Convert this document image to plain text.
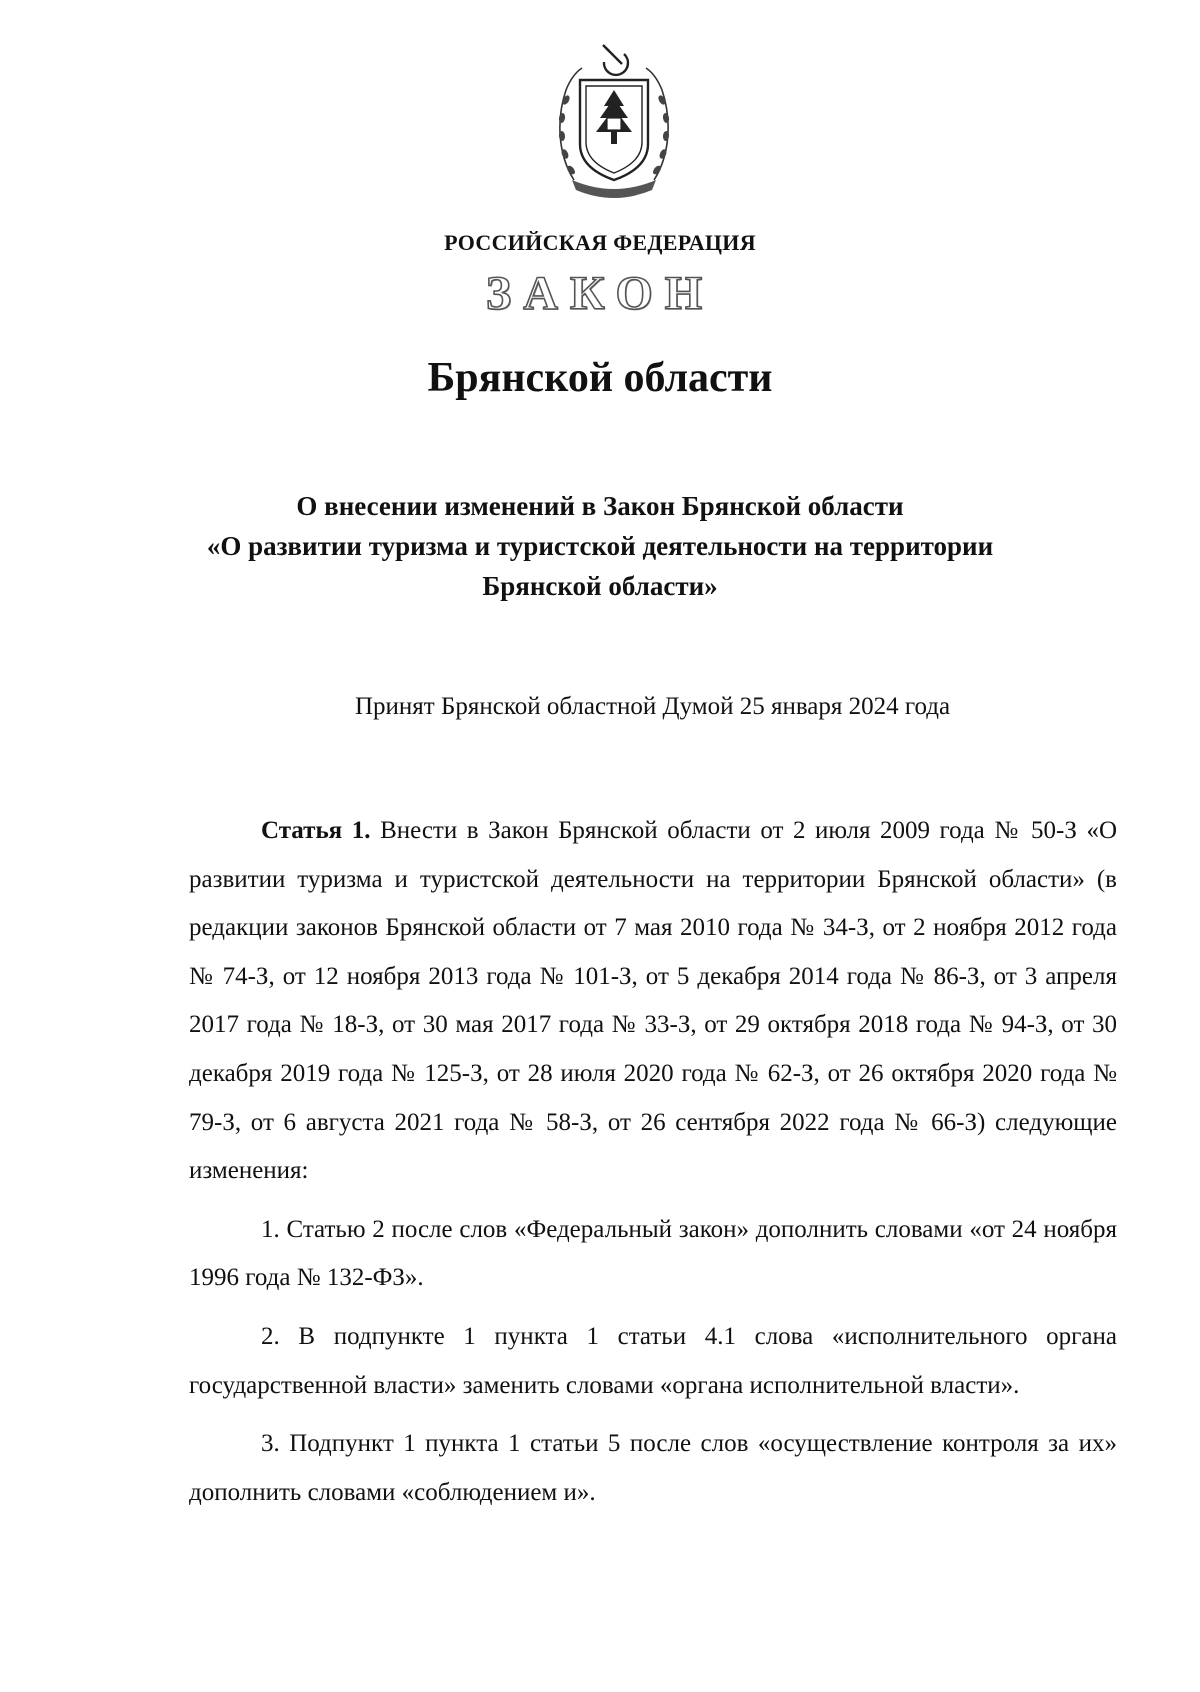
РОССИЙСКАЯ ФЕДЕРАЦИЯ
ЗАКОН
Брянской области
О внесении изменений в Закон Брянской области
«О развитии туризма и туристской деятельности на территории
Брянской области»
Принят Брянской областной Думой 25 января 2024 года

Статья 1. Внести в Закон Брянской области от 2 июля 2009 года № 50-З «О развитии туризма и туристской деятельности на территории Брянской области» (в редакции законов Брянской области от 7 мая 2010 года № 34-З, от 2 ноября 2012 года № 74-З, от 12 ноября 2013 года № 101-З, от 5 декабря 2014 года № 86-З, от 3 апреля 2017 года № 18-З, от 30 мая 2017 года № 33-З, от 29 октября 2018 года № 94-З, от 30 декабря 2019 года № 125-З, от 28 июля 2020 года № 62-З, от 26 октября 2020 года № 79-З, от 6 августа 2021 года № 58-З, от 26 сентября 2022 года № 66-З) следующие изменения:

1. Статью 2 после слов «Федеральный закон» дополнить словами «от 24 ноября 1996 года № 132-ФЗ».

2. В подпункте 1 пункта 1 статьи 4.1 слова «исполнительного органа государственной власти» заменить словами «органа исполнительной власти».

3. Подпункт 1 пункта 1 статьи 5 после слов «осуществление контроля за их» дополнить словами «соблюдением и».
